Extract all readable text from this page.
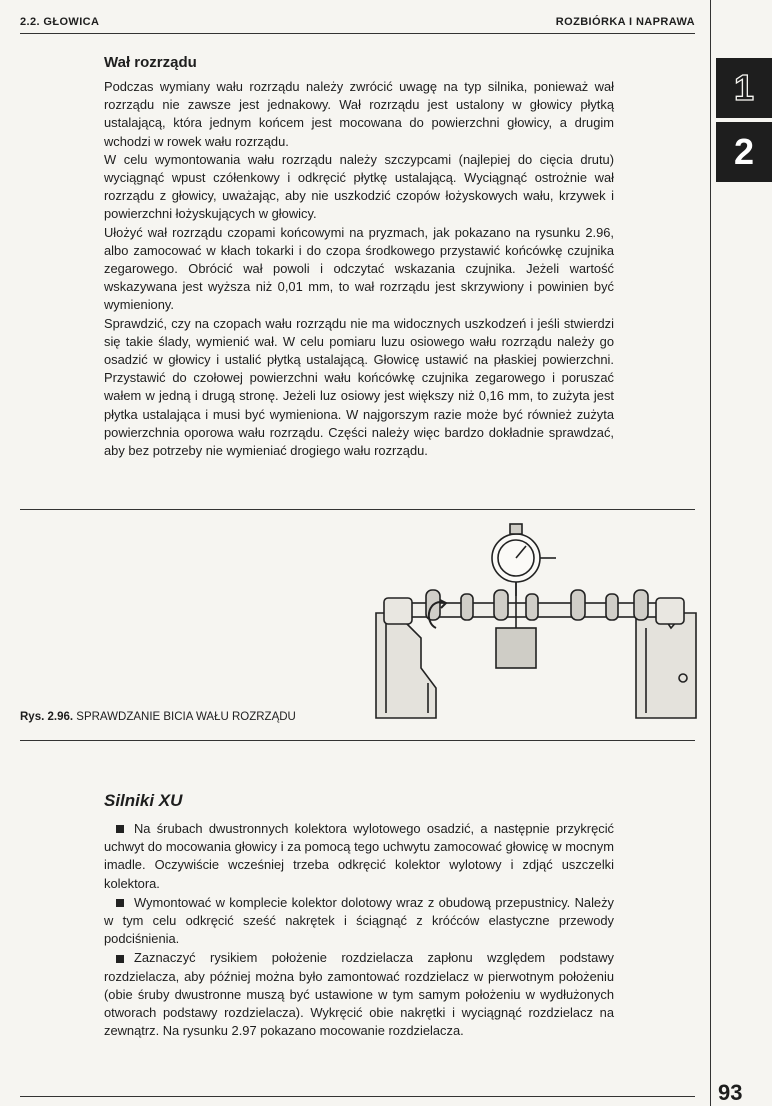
2.2. GŁOWICA	ROZBIÓRKA I NAPRAWA
1
2
Wał rozrządu

Podczas wymiany wału rozrządu należy zwrócić uwagę na typ silnika, ponieważ wał rozrządu nie zawsze jest jednakowy. Wał rozrządu jest ustalony w głowicy płytką ustalającą, która jednym końcem jest mocowana do powierzchni głowicy, a drugim wchodzi w rowek wału rozrządu.

W celu wymontowania wału rozrządu należy szczypcami (najlepiej do cięcia drutu) wyciągnąć wpust czółenkowy i odkręcić płytkę ustalającą. Wyciągnąć ostrożnie wał rozrządu z głowicy, uważając, aby nie uszkodzić czopów łożyskowych wału, krzywek i powierzchni łożyskujących w głowicy.

Ułożyć wał rozrządu czopami końcowymi na pryzmach, jak pokazano na rysunku 2.96, albo zamocować w kłach tokarki i do czopa środkowego przystawić końcówkę czujnika zegarowego. Obrócić wał powoli i odczytać wskazania czujnika. Jeżeli wartość wskazywana jest wyższa niż 0,01 mm, to wał rozrządu jest skrzywiony i powinien być wymieniony.

Sprawdzić, czy na czopach wału rozrządu nie ma widocznych uszkodzeń i jeśli stwierdzi się takie ślady, wymienić wał. W celu pomiaru luzu osiowego wału rozrządu należy go osadzić w głowicy i ustalić płytką ustalającą. Głowicę ustawić na płaskiej powierzchni. Przystawić do czołowej powierzchni wału końcówkę czujnika zegarowego i poruszać wałem w jedną i drugą stronę. Jeżeli luz osiowy jest większy niż 0,16 mm, to zużyta jest płytka ustalająca i musi być wymieniona. W najgorszym razie może być również zużyta powierzchnia oporowa wału rozrządu. Części należy więc bardzo dokładnie sprawdzać, aby bez potrzeby nie wymieniać drogiego wału rozrządu.

Rys. 2.96. SPRAWDZANIE BICIA WAŁU ROZRZĄDU
Silniki XU

Na śrubach dwustronnych kolektora wylotowego osadzić, a następnie przykręcić uchwyt do mocowania głowicy i za pomocą tego uchwytu zamocować głowicę w mocnym imadle. Oczywiście wcześniej trzeba odkręcić kolektor wylotowy i zdjąć uszczelki kolektora.

Wymontować w komplecie kolektor dolotowy wraz z obudową przepustnicy. Należy w tym celu odkręcić sześć nakrętek i ściągnąć z króćców elastyczne przewody podciśnienia.

Zaznaczyć rysikiem położenie rozdzielacza zapłonu względem podstawy rozdzielacza, aby później można było zamontować rozdzielacz w pierwotnym położeniu (obie śruby dwustronne muszą być ustawione w tym samym położeniu w wydłużonych otworach podstawy rozdzielacza). Wykręcić obie nakrętki i wyciągnąć rozdzielacz na zewnątrz. Na rysunku 2.97 pokazano mocowanie rozdzielacza.

93
